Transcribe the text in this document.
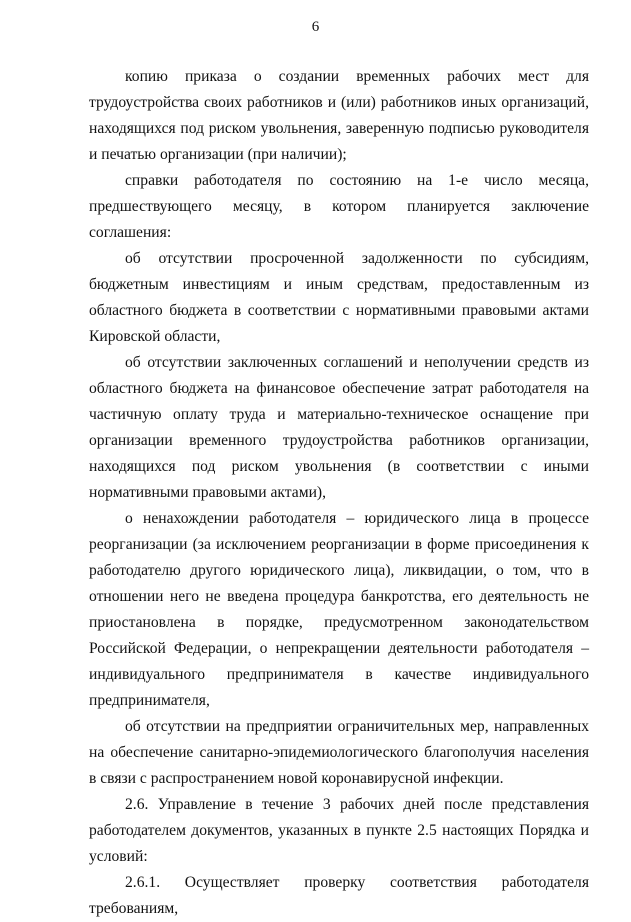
6

копию приказа о создании временных рабочих мест для трудоустройства своих работников и (или) работников иных организаций, находящихся под риском увольнения, заверенную подписью руководителя и печатью организации (при наличии);

справки работодателя по состоянию на 1-е число месяца, предшествующего месяцу, в котором планируется заключение соглашения:

об отсутствии просроченной задолженности по субсидиям, бюджетным инвестициям и иным средствам, предоставленным из областного бюджета в соответствии с нормативными правовыми актами Кировской области,

об отсутствии заключенных соглашений и неполучении средств из областного бюджета на финансовое обеспечение затрат работодателя на частичную оплату труда и материально-техническое оснащение при организации временного трудоустройства работников организации, находящихся под риском увольнения (в соответствии с иными нормативными правовыми актами),

о ненахождении работодателя – юридического лица в процессе реорганизации (за исключением реорганизации в форме присоединения к работодателю другого юридического лица), ликвидации, о том, что в отношении него не введена процедура банкротства, его деятельность не приостановлена в порядке, предусмотренном законодательством Российской Федерации, о непрекращении деятельности работодателя – индивидуального предпринимателя в качестве индивидуального предпринимателя,

об отсутствии на предприятии ограничительных мер, направленных на обеспечение санитарно-эпидемиологического благополучия населения в связи с распространением новой коронавирусной инфекции.

2.6. Управление в течение 3 рабочих дней после представления работодателем документов, указанных в пункте 2.5 настоящих Порядка и условий:

2.6.1. Осуществляет проверку соответствия работодателя требованиям,
